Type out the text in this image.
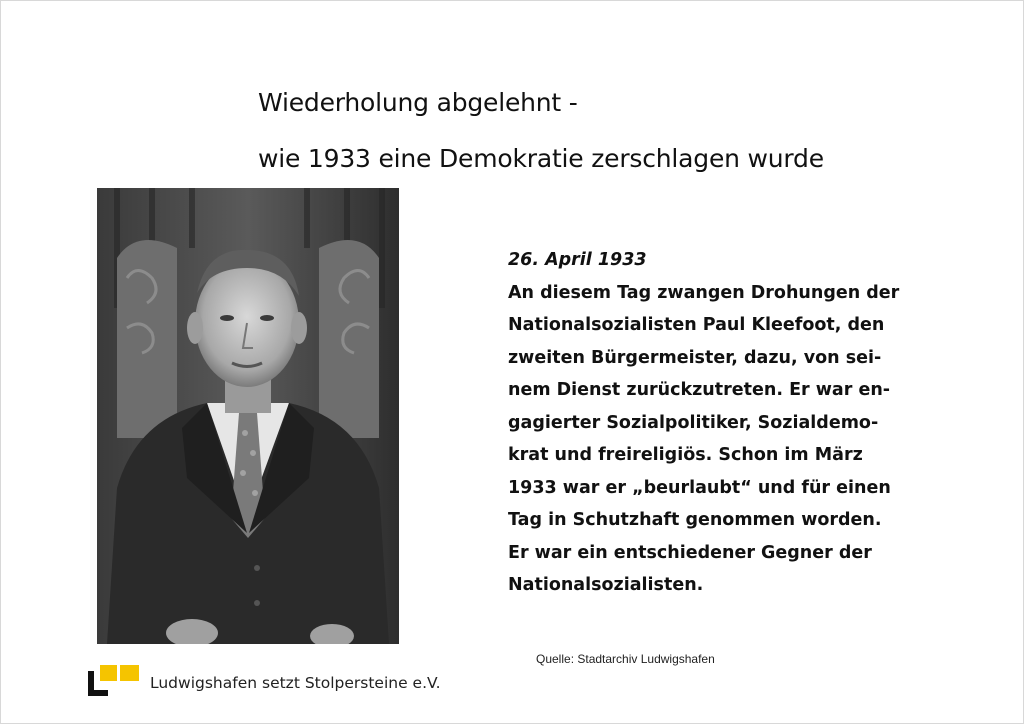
Wiederholung abgelehnt -
wie 1933 eine Demokratie zerschlagen wurde
26. April 1933
An diesem Tag zwangen Drohungen der
Nationalsozialisten Paul Kleefoot, den
zweiten Bürgermeister, dazu, von sei-
nem Dienst zurückzutreten. Er war en-
gagierter Sozialpolitiker, Sozialdemo-
krat und freireligiös. Schon im März
1933 war er „beurlaubt“ und für einen
Tag in Schutzhaft genommen worden.
Er war ein entschiedener Gegner der
Nationalsozialisten.
Quelle: Stadtarchiv Ludwigshafen
Ludwigshafen setzt Stolpersteine e.V.
